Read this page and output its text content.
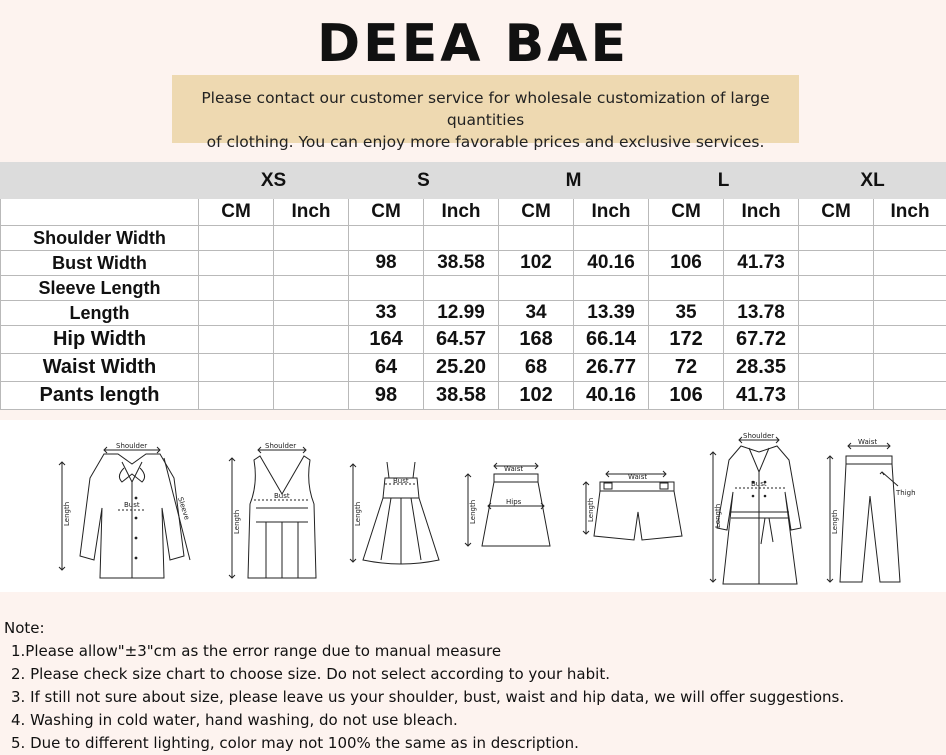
DEEA BAE
Please contact our customer service for wholesale customization of large quantities
of clothing. You can enjoy more favorable prices and exclusive services.
	XS		S		M		L		XL	
	CM	Inch	CM	Inch	CM	Inch	CM	Inch	CM	Inch
Shoulder Width										
Bust Width			98	38.58	102	40.16	106	41.73		
Sleeve Length										
Length			33	12.99	34	13.39	35	13.78		
Hip Width			164	64.57	168	66.14	172	67.72		
Waist Width			64	25.20	68	26.77	72	28.35		
Pants length			98	38.58	102	40.16	106	41.73		
Shoulder
Bust
Length	Sleeve
Shoulder
Bust
Length
Bust
Length
Waist
Hips
Length
Waist
Length
Shoulder
Bust
Length
Waist
Thigh
Length
Note:
1.Please allow"±3"cm as the error range due to manual measure
2. Please check size chart to choose size. Do not select according to your habit.
3. If still not sure about size, please leave us your shoulder, bust, waist and hip data, we will offer suggestions.
4. Washing in cold water, hand washing, do not use bleach.
5. Due to different lighting, color may not 100% the same as in description.
